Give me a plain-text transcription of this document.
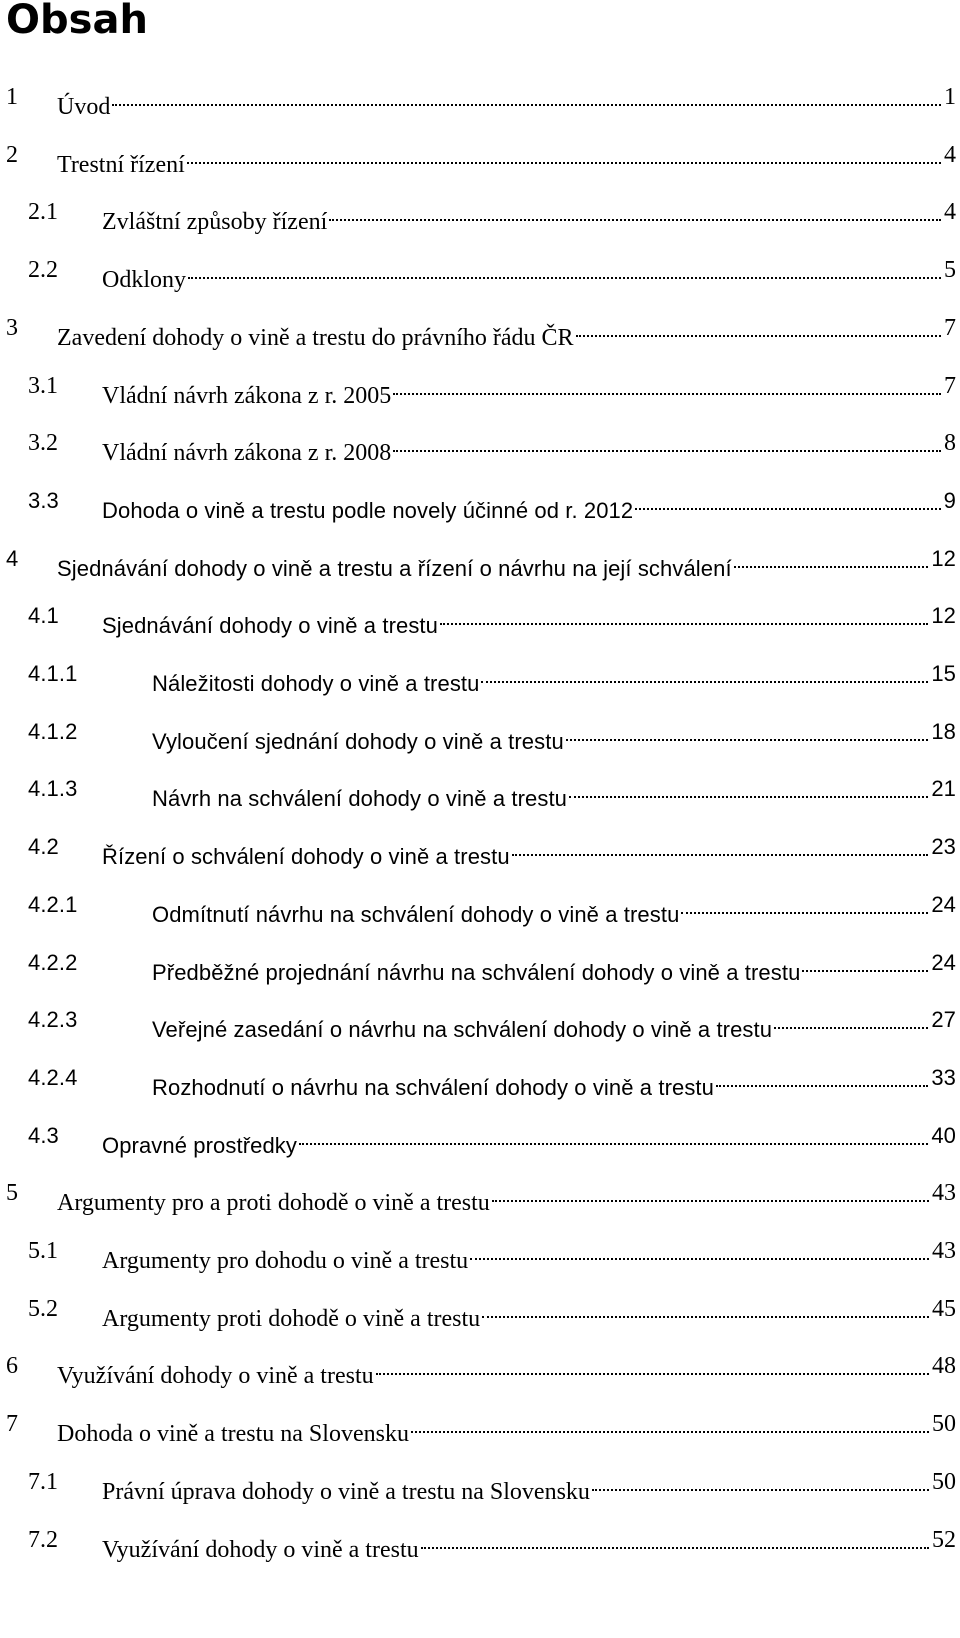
Obsah
1 Úvod	1
2 Trestní řízení	4
2.1 Zvláštní způsoby řízení	4
2.2 Odklony	5
3 Zavedení dohody o vině a trestu do právního řádu ČR	7
3.1 Vládní návrh zákona z r. 2005	7
3.2 Vládní návrh zákona z r. 2008	8
3.3 Dohoda o vině a trestu podle novely účinné od r. 2012	9
4 Sjednávání dohody o vině a trestu a řízení o návrhu na její schválení	12
4.1 Sjednávání dohody o vině a trestu	12
4.1.1	Náležitosti dohody o vině a trestu	15
4.1.2	Vyloučení sjednání dohody o vině a trestu	18
4.1.3	Návrh na schválení dohody o vině a trestu	21
4.2 Řízení o schválení dohody o vině a trestu	23
4.2.1	Odmítnutí návrhu na schválení dohody o vině a trestu	24
4.2.2	Předběžné projednání návrhu na schválení dohody o vině a trestu	24
4.2.3	Veřejné zasedání o návrhu na schválení dohody o vině a trestu	27
4.2.4	Rozhodnutí o návrhu na schválení dohody o vině a trestu	33
4.3 Opravné prostředky	40
5 Argumenty pro a proti dohodě o vině a trestu	43
5.1 Argumenty pro dohodu o vině a trestu	43
5.2 Argumenty proti dohodě o vině a trestu	45
6 Využívání dohody o vině a trestu	48
7 Dohoda o vině a trestu na Slovensku	50
7.1 Právní úprava dohody o vině a trestu na Slovensku	50
7.2 Využívání dohody o vině a trestu	52
